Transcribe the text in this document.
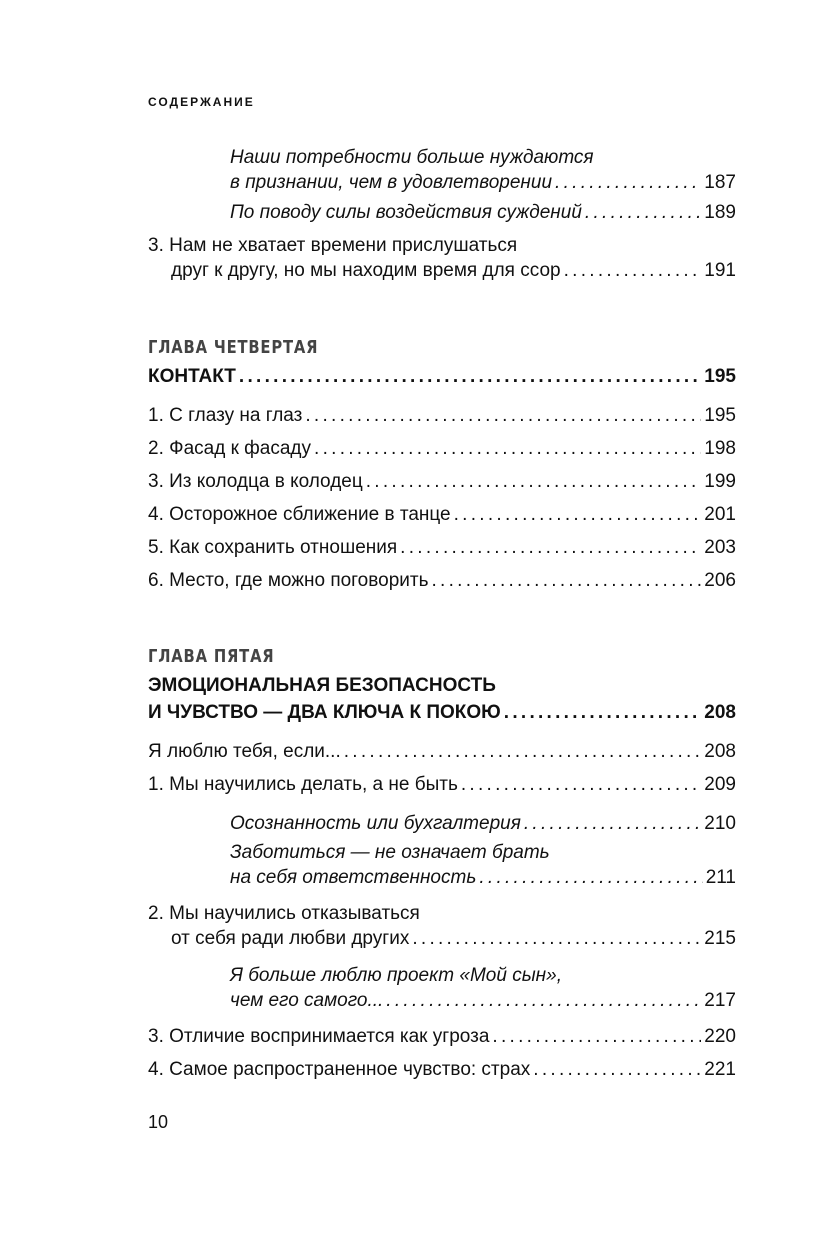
СОДЕРЖАНИЕ
Наши потребности больше нуждаются
в признании, чем в удовлетворении . . .	187
По поводу силы воздействия суждений . . .	189
3. Нам не хватает времени прислушаться
друг к другу, но мы находим время для ссор . . .	191
ГЛАВА ЧЕТВЕРТАЯ
КОНТАКТ . . .	195
1. С глазу на глаз . . .	195
2. Фасад к фасаду . . .	198
3. Из колодца в колодец . . .	199
4. Осторожное сближение в танце . . .	201
5. Как сохранить отношения . . .	203
6. Место, где можно поговорить . . .	206
ГЛАВА ПЯТАЯ
ЭМОЦИОНАЛЬНАЯ БЕЗОПАСНОСТЬ
И ЧУВСТВО — ДВА КЛЮЧА К ПОКОЮ . . .	208
Я люблю тебя, если... . . .	208
1. Мы научились делать, а не быть . . .	209
Осознанность или бухгалтерия . . .	210
Заботиться — не означает брать
на себя ответственность . . .	211
2. Мы научились отказываться
от себя ради любви других . . .	215
Я больше люблю проект «Мой сын»,
чем его самого... . . .	217
3. Отличие воспринимается как угроза . . .	220
4. Самое распространенное чувство: страх . . .	221
10
